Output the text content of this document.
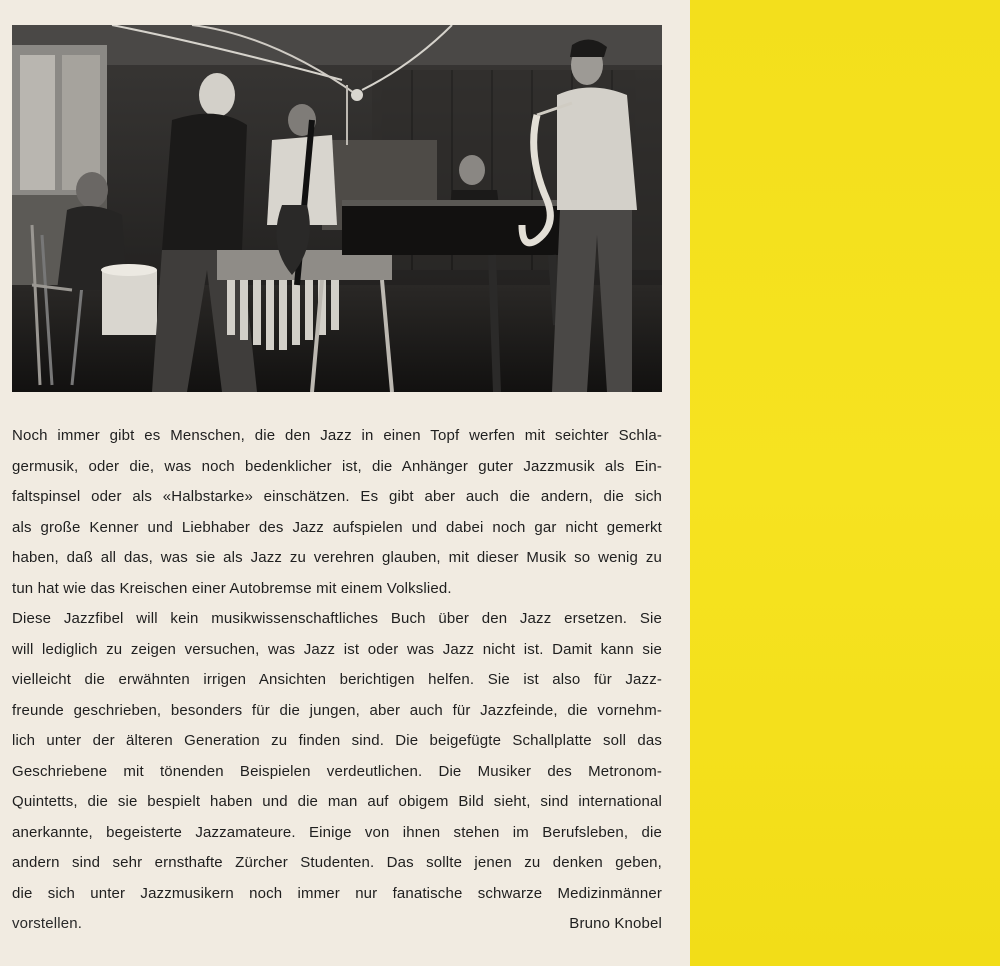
Noch immer gibt es Menschen, die den Jazz in einen Topf werfen mit seichter Schla-
germusik, oder die, was noch bedenklicher ist, die Anhänger guter Jazzmusik als Ein-
faltspinsel oder als «Halbstarke» einschätzen. Es gibt aber auch die andern, die sich
als große Kenner und Liebhaber des Jazz aufspielen und dabei noch gar nicht gemerkt
haben, daß all das, was sie als Jazz zu verehren glauben, mit dieser Musik so wenig zu
tun hat wie das Kreischen einer Autobremse mit einem Volkslied.

Diese Jazzfibel will kein musikwissenschaftliches Buch über den Jazz ersetzen. Sie
will lediglich zu zeigen versuchen, was Jazz ist oder was Jazz nicht ist. Damit kann sie
vielleicht die erwähnten irrigen Ansichten berichtigen helfen. Sie ist also für Jazz-
freunde geschrieben, besonders für die jungen, aber auch für Jazzfeinde, die vornehm-
lich unter der älteren Generation zu finden sind. Die beigefügte Schallplatte soll das
Geschriebene mit tönenden Beispielen verdeutlichen. Die Musiker des Metronom-
Quintetts, die sie bespielt haben und die man auf obigem Bild sieht, sind international
anerkannte, begeisterte Jazzamateure. Einige von ihnen stehen im Berufsleben, die
andern sind sehr ernsthafte Zürcher Studenten. Das sollte jenen zu denken geben,
die sich unter Jazzmusikern noch immer nur fanatische schwarze Medizinmänner

vorstellen.	Bruno Knobel
